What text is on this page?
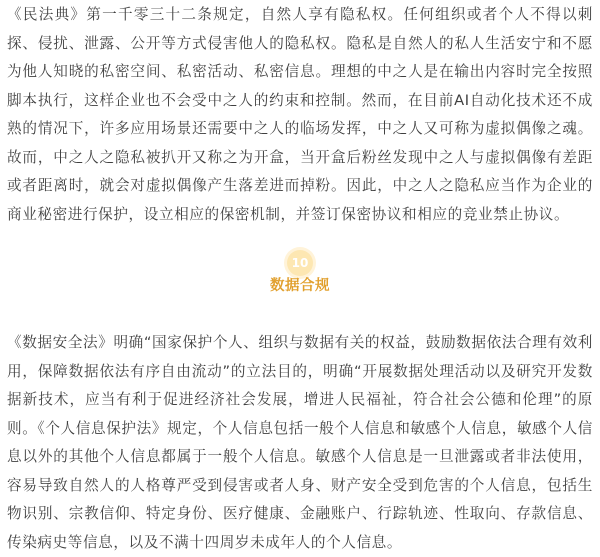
《民法典》第一千零三十二条规定，自然人享有隐私权。任何组织或者个人不得以刺探、侵扰、泄露、公开等方式侵害他人的隐私权。隐私是自然人的私人生活安宁和不愿为他人知晓的私密空间、私密活动、私密信息。理想的中之人是在输出内容时完全按照脚本执行，这样企业也不会受中之人的约束和控制。然而，在目前AI自动化技术还不成熟的情况下，许多应用场景还需要中之人的临场发挥，中之人又可称为虚拟偶像之魂。故而，中之人之隐私被扒开又称之为开盒，当开盒后粉丝发现中之人与虚拟偶像有差距或者距离时，就会对虚拟偶像产生落差进而掉粉。因此，中之人之隐私应当作为企业的商业秘密进行保护，设立相应的保密机制，并签订保密协议和相应的竞业禁止协议。

10
数据合规

《数据安全法》明确“国家保护个人、组织与数据有关的权益，鼓励数据依法合理有效利用，保障数据依法有序自由流动”的立法目的，明确“开展数据处理活动以及研究开发数据新技术，应当有利于促进经济社会发展，增进人民福祉，符合社会公德和伦理”的原则。《个人信息保护法》规定，个人信息包括一般个人信息和敏感个人信息，敏感个人信息以外的其他个人信息都属于一般个人信息。敏感个人信息是一旦泄露或者非法使用，容易导致自然人的人格尊严受到侵害或者人身、财产安全受到危害的个人信息，包括生物识别、宗教信仰、特定身份、医疗健康、金融账户、行踪轨迹、性取向、存款信息、传染病史等信息，以及不满十四周岁未成年人的个人信息。
